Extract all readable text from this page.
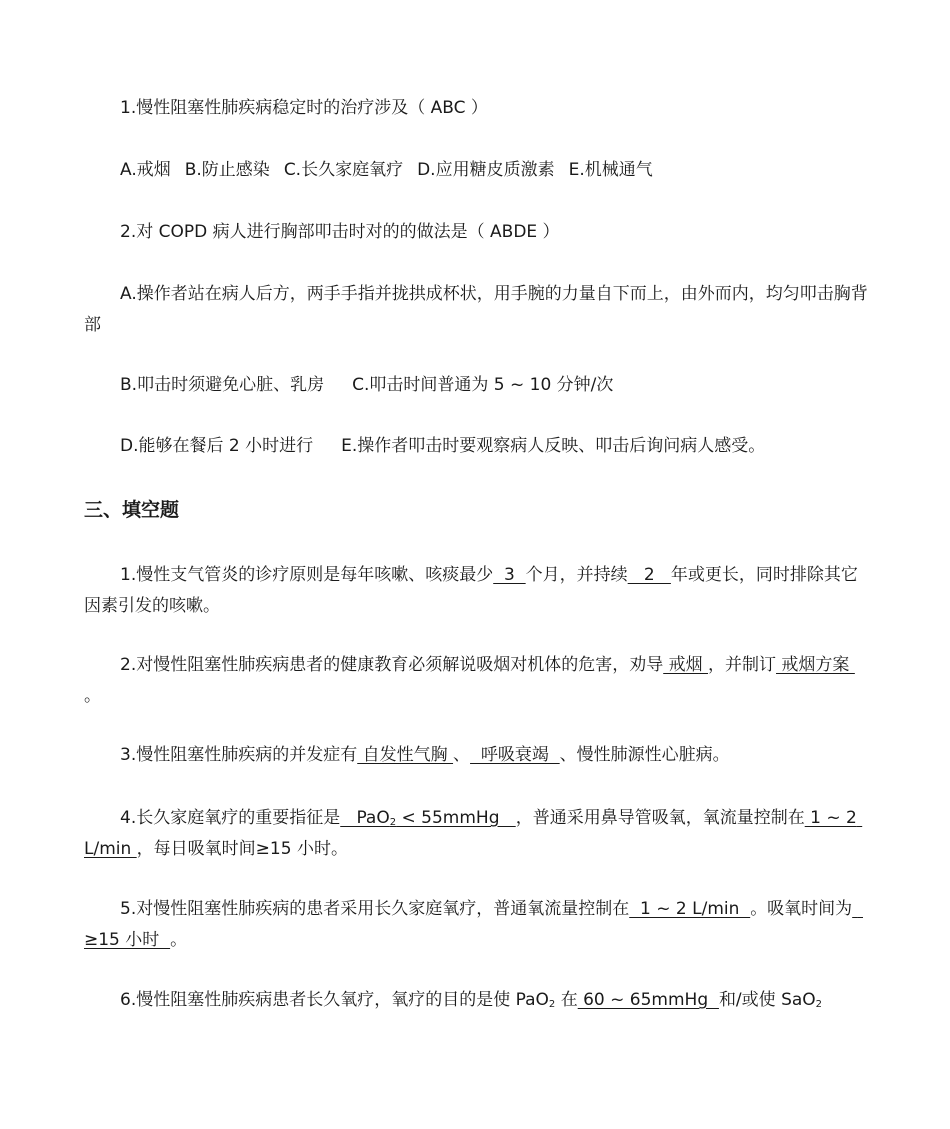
1.慢性阻塞性肺疾病稳定时的治疗涉及（ ABC ）

A.戒烟 B.防止感染 C.长久家庭氧疗 D.应用糖皮质激素 E.机械通气

2.对 COPD 病人进行胸部叩击时对的的做法是（ ABDE ）

A.操作者站在病人后方，两手手指并拢拱成杯状，用手腕的力量自下而上，由外而内，均匀叩击胸背部

B.叩击时须避免心脏、乳房 C.叩击时间普通为 5 ~ 10 分钟/次

D.能够在餐后 2 小时进行 E.操作者叩击时要观察病人反映、叩击后询问病人感受。

三、填空题

1.慢性支气管炎的诊疗原则是每年咳嗽、咳痰最少  3  个月，并持续   2   年或更长，同时排除其它因素引发的咳嗽。

2.对慢性阻塞性肺疾病患者的健康教育必须解说吸烟对机体的危害，劝导 戒烟 ，并制订 戒烟方案 。

3.慢性阻塞性肺疾病的并发症有 自发性气胸 、  呼吸衰竭  、慢性肺源性心脏病。

4.长久家庭氧疗的重要指征是   PaO$_2$ < 55mmHg   ，普通采用鼻导管吸氧，氧流量控制在 1 ~ 2 L/min ，每日吸氧时间≥15 小时。

5.对慢性阻塞性肺疾病的患者采用长久家庭氧疗，普通氧流量控制在  1 ~ 2 L/min  。吸氧时间为  ≥15 小时  。

6.慢性阻塞性肺疾病患者长久氧疗，氧疗的目的是使 PaO$_2$ 在 60 ~ 65mmHg  和/或使 SaO$_2$
